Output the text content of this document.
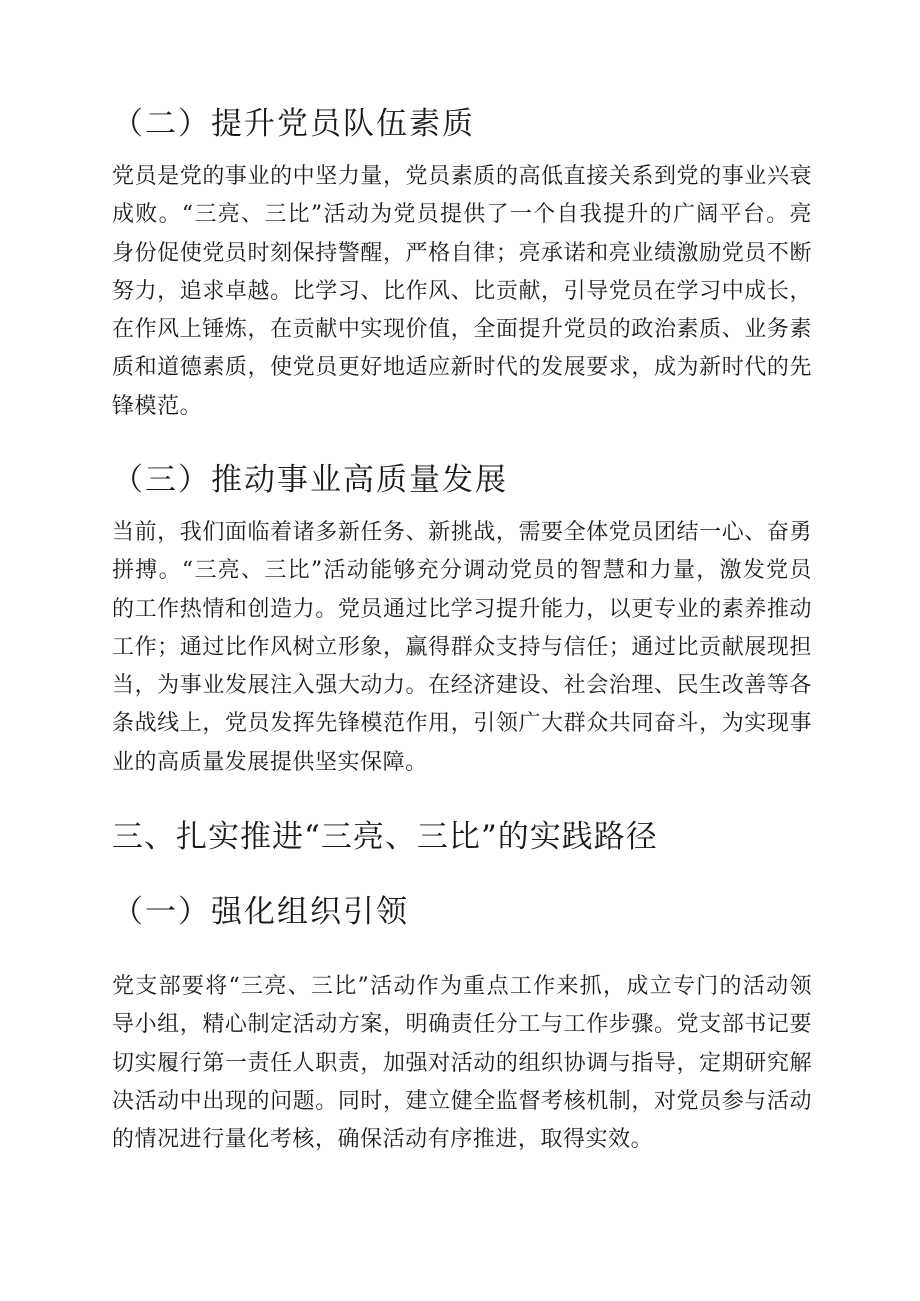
（二）提升党员队伍素质
党员是党的事业的中坚力量，党员素质的高低直接关系到党的事业兴衰成败。“三亮、三比”活动为党员提供了一个自我提升的广阔平台。亮身份促使党员时刻保持警醒，严格自律；亮承诺和亮业绩激励党员不断努力，追求卓越。比学习、比作风、比贡献，引导党员在学习中成长，在作风上锤炼，在贡献中实现价值，全面提升党员的政治素质、业务素质和道德素质，使党员更好地适应新时代的发展要求，成为新时代的先锋模范。
（三）推动事业高质量发展
当前，我们面临着诸多新任务、新挑战，需要全体党员团结一心、奋勇拼搏。“三亮、三比”活动能够充分调动党员的智慧和力量，激发党员的工作热情和创造力。党员通过比学习提升能力，以更专业的素养推动工作；通过比作风树立形象，赢得群众支持与信任；通过比贡献展现担当，为事业发展注入强大动力。在经济建设、社会治理、民生改善等各条战线上，党员发挥先锋模范作用，引领广大群众共同奋斗，为实现事业的高质量发展提供坚实保障。
三、扎实推进“三亮、三比”的实践路径
（一）强化组织引领
党支部要将“三亮、三比”活动作为重点工作来抓，成立专门的活动领导小组，精心制定活动方案，明确责任分工与工作步骤。党支部书记要切实履行第一责任人职责，加强对活动的组织协调与指导，定期研究解决活动中出现的问题。同时，建立健全监督考核机制，对党员参与活动的情况进行量化考核，确保活动有序推进，取得实效。
